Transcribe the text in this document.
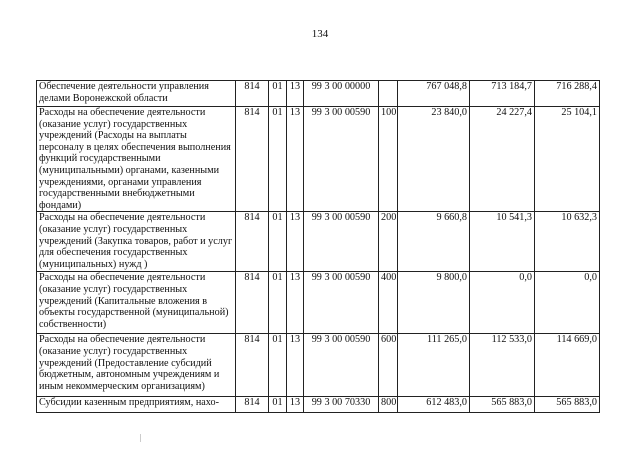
134
Обеспечение деятельности управления делами Воронежской области	814	01	13	99 3 00 00000		767 048,8	713 184,7	716 288,4
Расходы на обеспечение деятельности (оказание услуг) государственных учреждений (Расходы на выплаты персоналу в целях обеспечения выполнения функций государственными (муниципальными) органами, казенными учреждениями, органами управления государственными внебюджетными фондами)	814	01	13	99 3 00 00590	100	23 840,0	24 227,4	25 104,1
Расходы на обеспечение деятельности (оказание услуг) государственных учреждений (Закупка товаров, работ и услуг для обеспечения государственных (муниципальных) нужд )	814	01	13	99 3 00 00590	200	9 660,8	10 541,3	10 632,3
Расходы на обеспечение деятельности (оказание услуг) государственных учреждений (Капитальные вложения в объекты государственной (муниципальной) собственности)	814	01	13	99 3 00 00590	400	9 800,0	0,0	0,0
Расходы на обеспечение деятельности (оказание услуг) государственных учреждений (Предоставление субсидий бюджетным, автономным учреждениям и иным некоммерческим организациям)	814	01	13	99 3 00 00590	600	111 265,0	112 533,0	114 669,0
Субсидии казенным предприятиям, нахо-	814	01	13	99 3 00 70330	800	612 483,0	565 883,0	565 883,0
